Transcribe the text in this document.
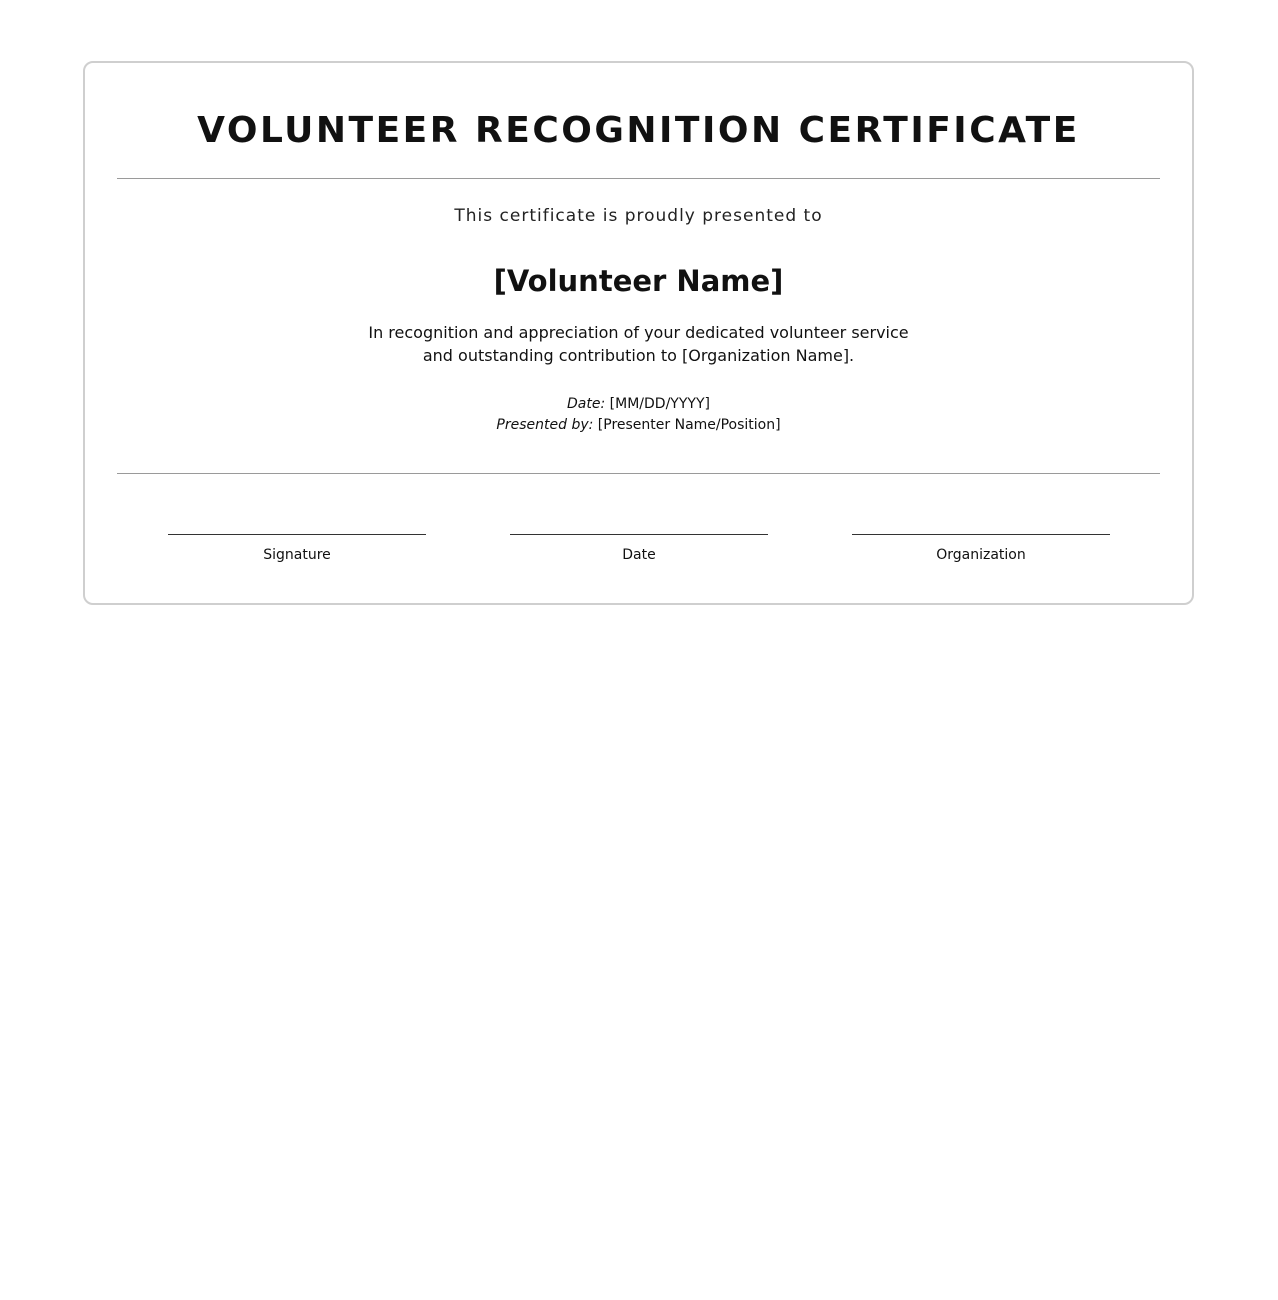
VOLUNTEER RECOGNITION CERTIFICATE
This certificate is proudly presented to
[Volunteer Name]
In recognition and appreciation of your dedicated volunteer service
and outstanding contribution to [Organization Name].
Date: [MM/DD/YYYY]
Presented by: [Presenter Name/Position]
Signature	Date	Organization
